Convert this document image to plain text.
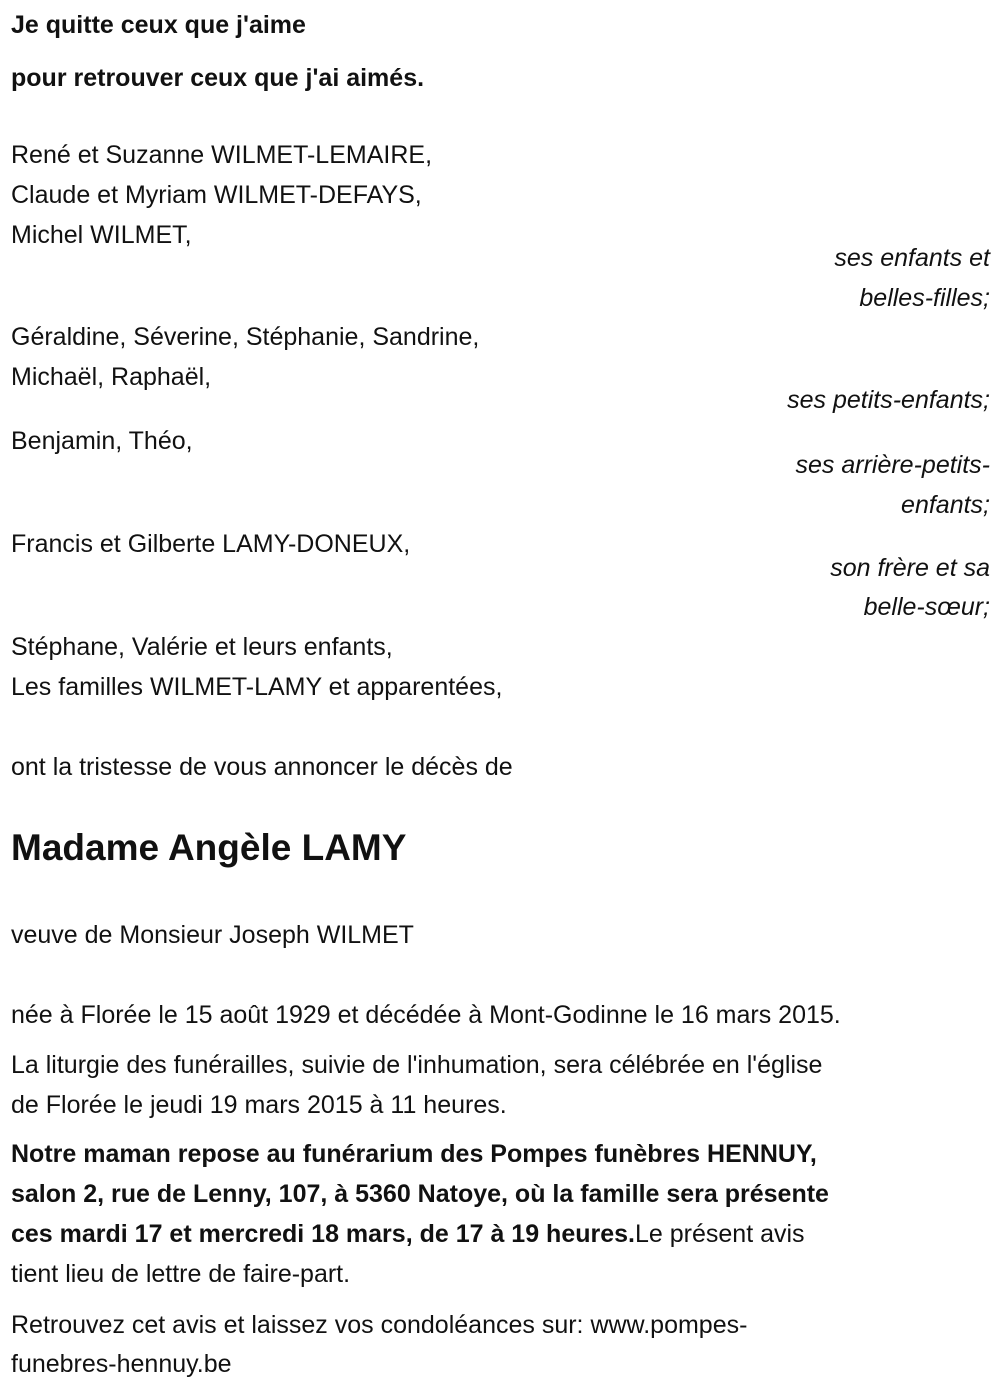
Je quitte ceux que j'aime
pour retrouver ceux que j'ai aimés.
René et Suzanne WILMET-LEMAIRE,
Claude et Myriam WILMET-DEFAYS,
Michel WILMET,
ses enfants et
belles-filles;
Géraldine, Séverine, Stéphanie, Sandrine,
Michaël, Raphaël,
ses petits-enfants;
Benjamin, Théo,
ses arrière-petits-
enfants;
Francis et Gilberte LAMY-DONEUX,
son frère et sa
belle-sœur;
Stéphane, Valérie et leurs enfants,
Les familles WILMET-LAMY et apparentées,
ont la tristesse de vous annoncer le décès de
Madame Angèle LAMY
veuve de Monsieur Joseph WILMET
née à Florée le 15 août 1929 et décédée à Mont-Godinne le 16 mars 2015.
La liturgie des funérailles, suivie de l'inhumation, sera célébrée en l'église
de Florée le jeudi 19 mars 2015 à 11 heures.
Notre maman repose au funérarium des Pompes funèbres HENNUY,
salon 2, rue de Lenny, 107, à 5360 Natoye, où la famille sera présente
ces mardi 17 et mercredi 18 mars, de 17 à 19 heures.Le présent avis
tient lieu de lettre de faire-part.
Retrouvez cet avis et laissez vos condoléances sur: www.pompes-
funebres-hennuy.be
